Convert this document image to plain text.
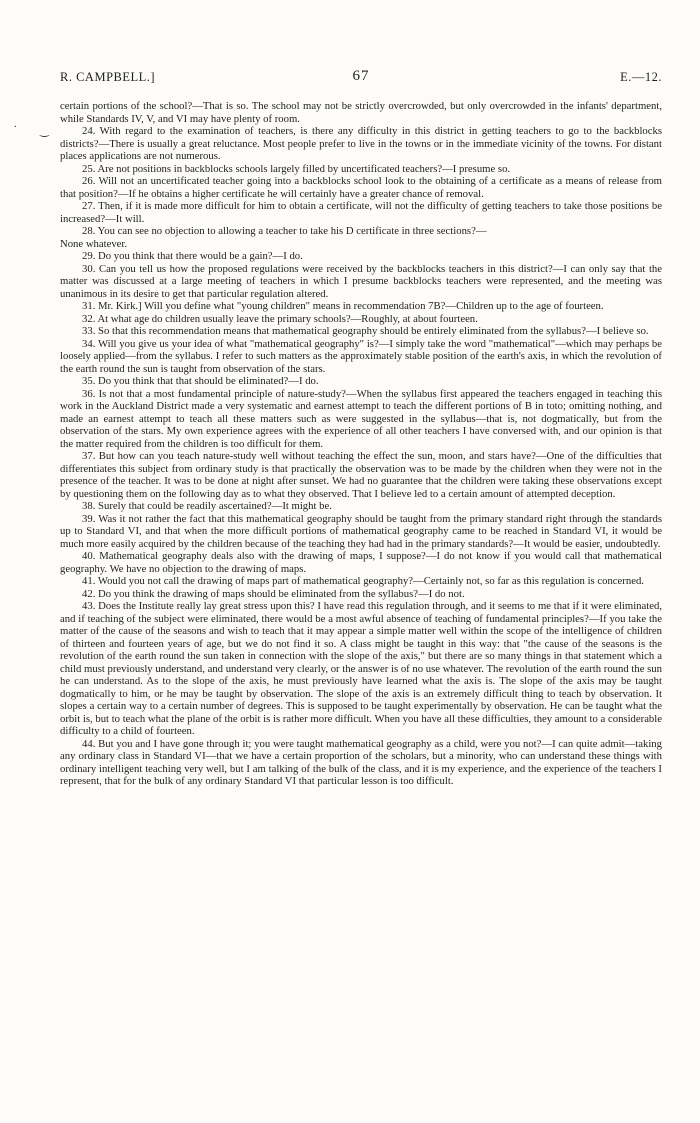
.
‿
R. CAMPBELL.]	67	E.—12.

certain portions of the school?—That is so. The school may not be strictly overcrowded, but only overcrowded in the infants' department, while Standards IV, V, and VI may have plenty of room.

24. With regard to the examination of teachers, is there any difficulty in this district in getting teachers to go to the backblocks districts?—There is usually a great reluctance. Most people prefer to live in the towns or in the immediate vicinity of the towns. For distant places applications are not numerous.

25. Are not positions in backblocks schools largely filled by uncertificated teachers?—I presume so.

26. Will not an uncertificated teacher going into a backblocks school look to the obtaining of a certificate as a means of release from that position?—If he obtains a higher certificate he will certainly have a greater chance of removal.

27. Then, if it is made more difficult for him to obtain a certificate, will not the difficulty of getting teachers to take those positions be increased?—It will.

28. You can see no objection to allowing a teacher to take his D certificate in three sections?—

None whatever.

29. Do you think that there would be a gain?—I do.

30. Can you tell us how the proposed regulations were received by the backblocks teachers in this district?—I can only say that the matter was discussed at a large meeting of teachers in which I presume backblocks teachers were represented, and the meeting was unanimous in its desire to get that particular regulation altered.

31. Mr. Kirk.] Will you define what "young children" means in recommendation 7B?—Children up to the age of fourteen.

32. At what age do children usually leave the primary schools?—Roughly, at about fourteen.

33. So that this recommendation means that mathematical geography should be entirely eliminated from the syllabus?—I believe so.

34. Will you give us your idea of what "mathematical geography" is?—I simply take the word "mathematical"—which may perhaps be loosely applied—from the syllabus. I refer to such matters as the approximately stable position of the earth's axis, in which the revolution of the earth round the sun is taught from observation of the stars.

35. Do you think that that should be eliminated?—I do.

36. Is not that a most fundamental principle of nature-study?—When the syllabus first appeared the teachers engaged in teaching this work in the Auckland District made a very systematic and earnest attempt to teach the different portions of B in toto; omitting nothing, and made an earnest attempt to teach all these matters such as were suggested in the syllabus—that is, not dogmatically, but from the observation of the stars. My own experience agrees with the experience of all other teachers I have conversed with, and our opinion is that the matter required from the children is too difficult for them.

37. But how can you teach nature-study well without teaching the effect the sun, moon, and stars have?—One of the difficulties that differentiates this subject from ordinary study is that practically the observation was to be made by the children when they were not in the presence of the teacher. It was to be done at night after sunset. We had no guarantee that the children were taking these observations except by questioning them on the following day as to what they observed. That I believe led to a certain amount of attempted deception.

38. Surely that could be readily ascertained?—It might be.

39. Was it not rather the fact that this mathematical geography should be taught from the primary standard right through the standards up to Standard VI, and that when the more difficult portions of mathematical geography came to be reached in Standard VI, it would be much more easily acquired by the children because of the teaching they had had in the primary standards?—It would be easier, undoubtedly.

40. Mathematical geography deals also with the drawing of maps, I suppose?—I do not know if you would call that mathematical geography. We have no objection to the drawing of maps.

41. Would you not call the drawing of maps part of mathematical geography?—Certainly not, so far as this regulation is concerned.

42. Do you think the drawing of maps should be eliminated from the syllabus?—I do not.

43. Does the Institute really lay great stress upon this? I have read this regulation through, and it seems to me that if it were eliminated, and if teaching of the subject were eliminated, there would be a most awful absence of teaching of fundamental principles?—If you take the matter of the cause of the seasons and wish to teach that it may appear a simple matter well within the scope of the intelligence of children of thirteen and fourteen years of age, but we do not find it so. A class might be taught in this way: that "the cause of the seasons is the revolution of the earth round the sun taken in connection with the slope of the axis," but there are so many things in that statement which a child must previously understand, and understand very clearly, or the answer is of no use whatever. The revolution of the earth round the sun he can understand. As to the slope of the axis, he must previously have learned what the axis is. The slope of the axis may be taught dogmatically to him, or he may be taught by observation. The slope of the axis is an extremely difficult thing to teach by observation. It slopes a certain way to a certain number of degrees. This is supposed to be taught experimentally by observation. He can be taught what the orbit is, but to teach what the plane of the orbit is is rather more difficult. When you have all these difficulties, they amount to a considerable difficulty to a child of fourteen.

44. But you and I have gone through it; you were taught mathematical geography as a child, were you not?—I can quite admit—taking any ordinary class in Standard VI—that we have a certain proportion of the scholars, but a minority, who can understand these things with ordinary intelligent teaching very well, but I am talking of the bulk of the class, and it is my experience, and the experience of the teachers I represent, that for the bulk of any ordinary Standard VI that particular lesson is too difficult.
